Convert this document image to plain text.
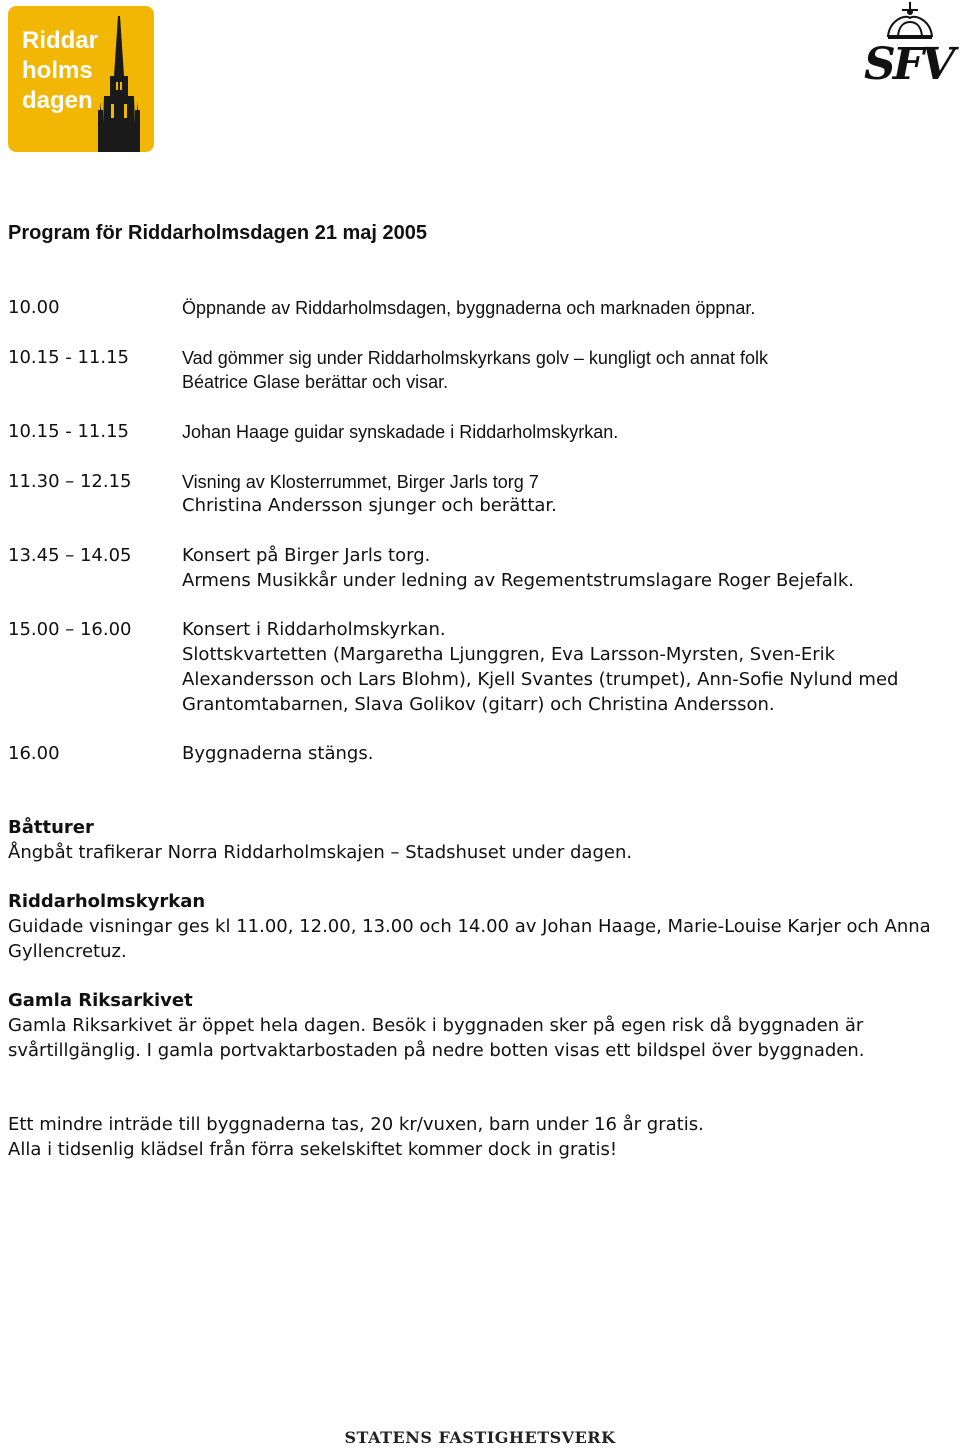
Riddar
holms
dagen
SFV
Program för Riddarholmsdagen 21 maj 2005
10.00	Öppnande av Riddarholmsdagen, byggnaderna och marknaden öppnar.
10.15 - 11.15	Vad gömmer sig under Riddarholmskyrkans golv – kungligt och annat folk
Béatrice Glase berättar och visar.
10.15 - 11.15	Johan Haage guidar synskadade i Riddarholmskyrkan.
11.30 – 12.15	Visning av Klosterrummet, Birger Jarls torg 7
Christina Andersson sjunger och berättar.
13.45 – 14.05	Konsert på Birger Jarls torg.
Armens Musikkår under ledning av Regementstrumslagare Roger Bejefalk.
15.00 – 16.00	Konsert i Riddarholmskyrkan.
Slottskvartetten (Margaretha Ljunggren, Eva Larsson-Myrsten, Sven-Erik
Alexandersson och Lars Blohm), Kjell Svantes (trumpet), Ann-Sofie Nylund med
Grantomtabarnen, Slava Golikov (gitarr) och Christina Andersson.
16.00	Byggnaderna stängs.
Båtturer

Ångbåt trafikerar Norra Riddarholmskajen – Stadshuset under dagen.

Riddarholmskyrkan

Guidade visningar ges kl 11.00, 12.00, 13.00 och 14.00 av Johan Haage, Marie-Louise Karjer och Anna Gyllencretuz.

Gamla Riksarkivet

Gamla Riksarkivet är öppet hela dagen. Besök i byggnaden sker på egen risk då byggnaden är svårtillgänglig. I gamla portvaktarbostaden på nedre botten visas ett bildspel över byggnaden.

Ett mindre inträde till byggnaderna tas, 20 kr/vuxen, barn under 16 år gratis.

Alla i tidsenlig klädsel från förra sekelskiftet kommer dock in gratis!

STATENS FASTIGHETSVERK
